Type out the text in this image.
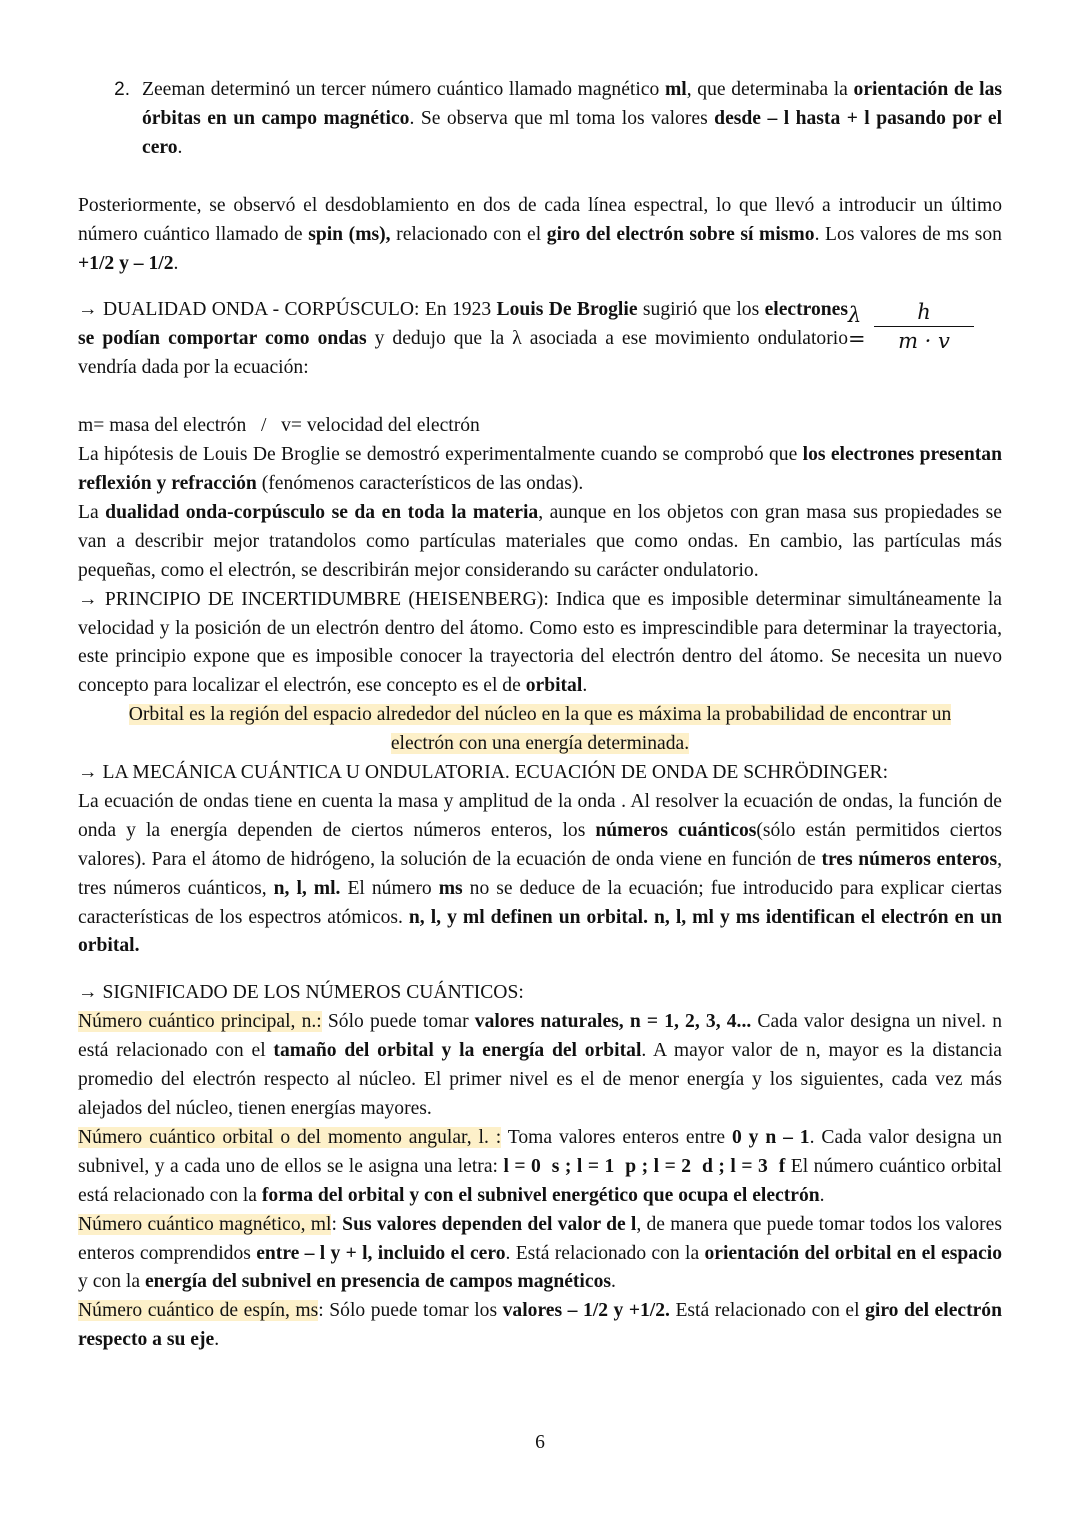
2. Zeeman determinó un tercer número cuántico llamado magnético ml, que determinaba la orientación de las órbitas en un campo magnético. Se observa que ml toma los valores desde – l hasta + l pasando por el cero.

Posteriormente, se observó el desdoblamiento en dos de cada línea espectral, lo que llevó a introducir un último número cuántico llamado de spin (ms), relacionado con el giro del electrón sobre sí mismo. Los valores de ms son +1/2 y – 1/2.

→ DUALIDAD ONDA - CORPÚSCULO: En 1923 Louis De Broglie sugirió que los electrones se podían comportar como ondas y dedujo que la λ asociada a ese movimiento ondulatorio vendría dada por la ecuación:

$\lambda = \frac{h}{m \cdot v}$

m= masa del electrón   /   v= velocidad del electrón

La hipótesis de Louis De Broglie se demostró experimentalmente cuando se comprobó que los electrones presentan reflexión y refracción (fenómenos característicos de las ondas).

La dualidad onda-corpúsculo se da en toda la materia, aunque en los objetos con gran masa sus propiedades se van a describir mejor tratandolos como partículas materiales que como ondas. En cambio, las partículas más pequeñas, como el electrón, se describirán mejor considerando su carácter ondulatorio.

→ PRINCIPIO DE INCERTIDUMBRE (HEISENBERG): Indica que es imposible determinar simultáneamente la velocidad y la posición de un electrón dentro del átomo. Como esto es imprescindible para determinar la trayectoria, este principio expone que es imposible conocer la trayectoria del electrón dentro del átomo. Se necesita un nuevo concepto para localizar el electrón, ese concepto es el de orbital.

Orbital es la región del espacio alrededor del núcleo en la que es máxima la probabilidad de encontrar un
electrón con una energía determinada.

→ LA MECÁNICA CUÁNTICA U ONDULATORIA. ECUACIÓN DE ONDA DE SCHRÖDINGER:

La ecuación de ondas tiene en cuenta la masa y amplitud de la onda . Al resolver la ecuación de ondas, la función de onda y la energía dependen de ciertos números enteros, los números cuánticos(sólo están permitidos ciertos valores). Para el átomo de hidrógeno, la solución de la ecuación de onda viene en función de tres números enteros, tres números cuánticos, n, l, ml. El número ms no se deduce de la ecuación; fue introducido para explicar ciertas características de los espectros atómicos. n, l, y ml definen un orbital. n, l, ml y ms identifican el electrón en un orbital.

→ SIGNIFICADO DE LOS NÚMEROS CUÁNTICOS:

Número cuántico principal, n.: Sólo puede tomar valores naturales, n = 1, 2, 3, 4... Cada valor designa un nivel. n está relacionado con el tamaño del orbital y la energía del orbital. A mayor valor de n, mayor es la distancia promedio del electrón respecto al núcleo. El primer nivel es el de menor energía y los siguientes, cada vez más alejados del núcleo, tienen energías mayores.

Número cuántico orbital o del momento angular, l. : Toma valores enteros entre 0 y n – 1. Cada valor designa un subnivel, y a cada uno de ellos se le asigna una letra: l = 0  s ; l = 1  p ; l = 2  d ; l = 3  f El número cuántico orbital está relacionado con la forma del orbital y con el subnivel energético que ocupa el electrón.

Número cuántico magnético, ml: Sus valores dependen del valor de l, de manera que puede tomar todos los valores enteros comprendidos entre – l y + l, incluido el cero. Está relacionado con la orientación del orbital en el espacio y con la energía del subnivel en presencia de campos magnéticos.

Número cuántico de espín, ms: Sólo puede tomar los valores – 1/2 y +1/2. Está relacionado con el giro del electrón respecto a su eje.

6
